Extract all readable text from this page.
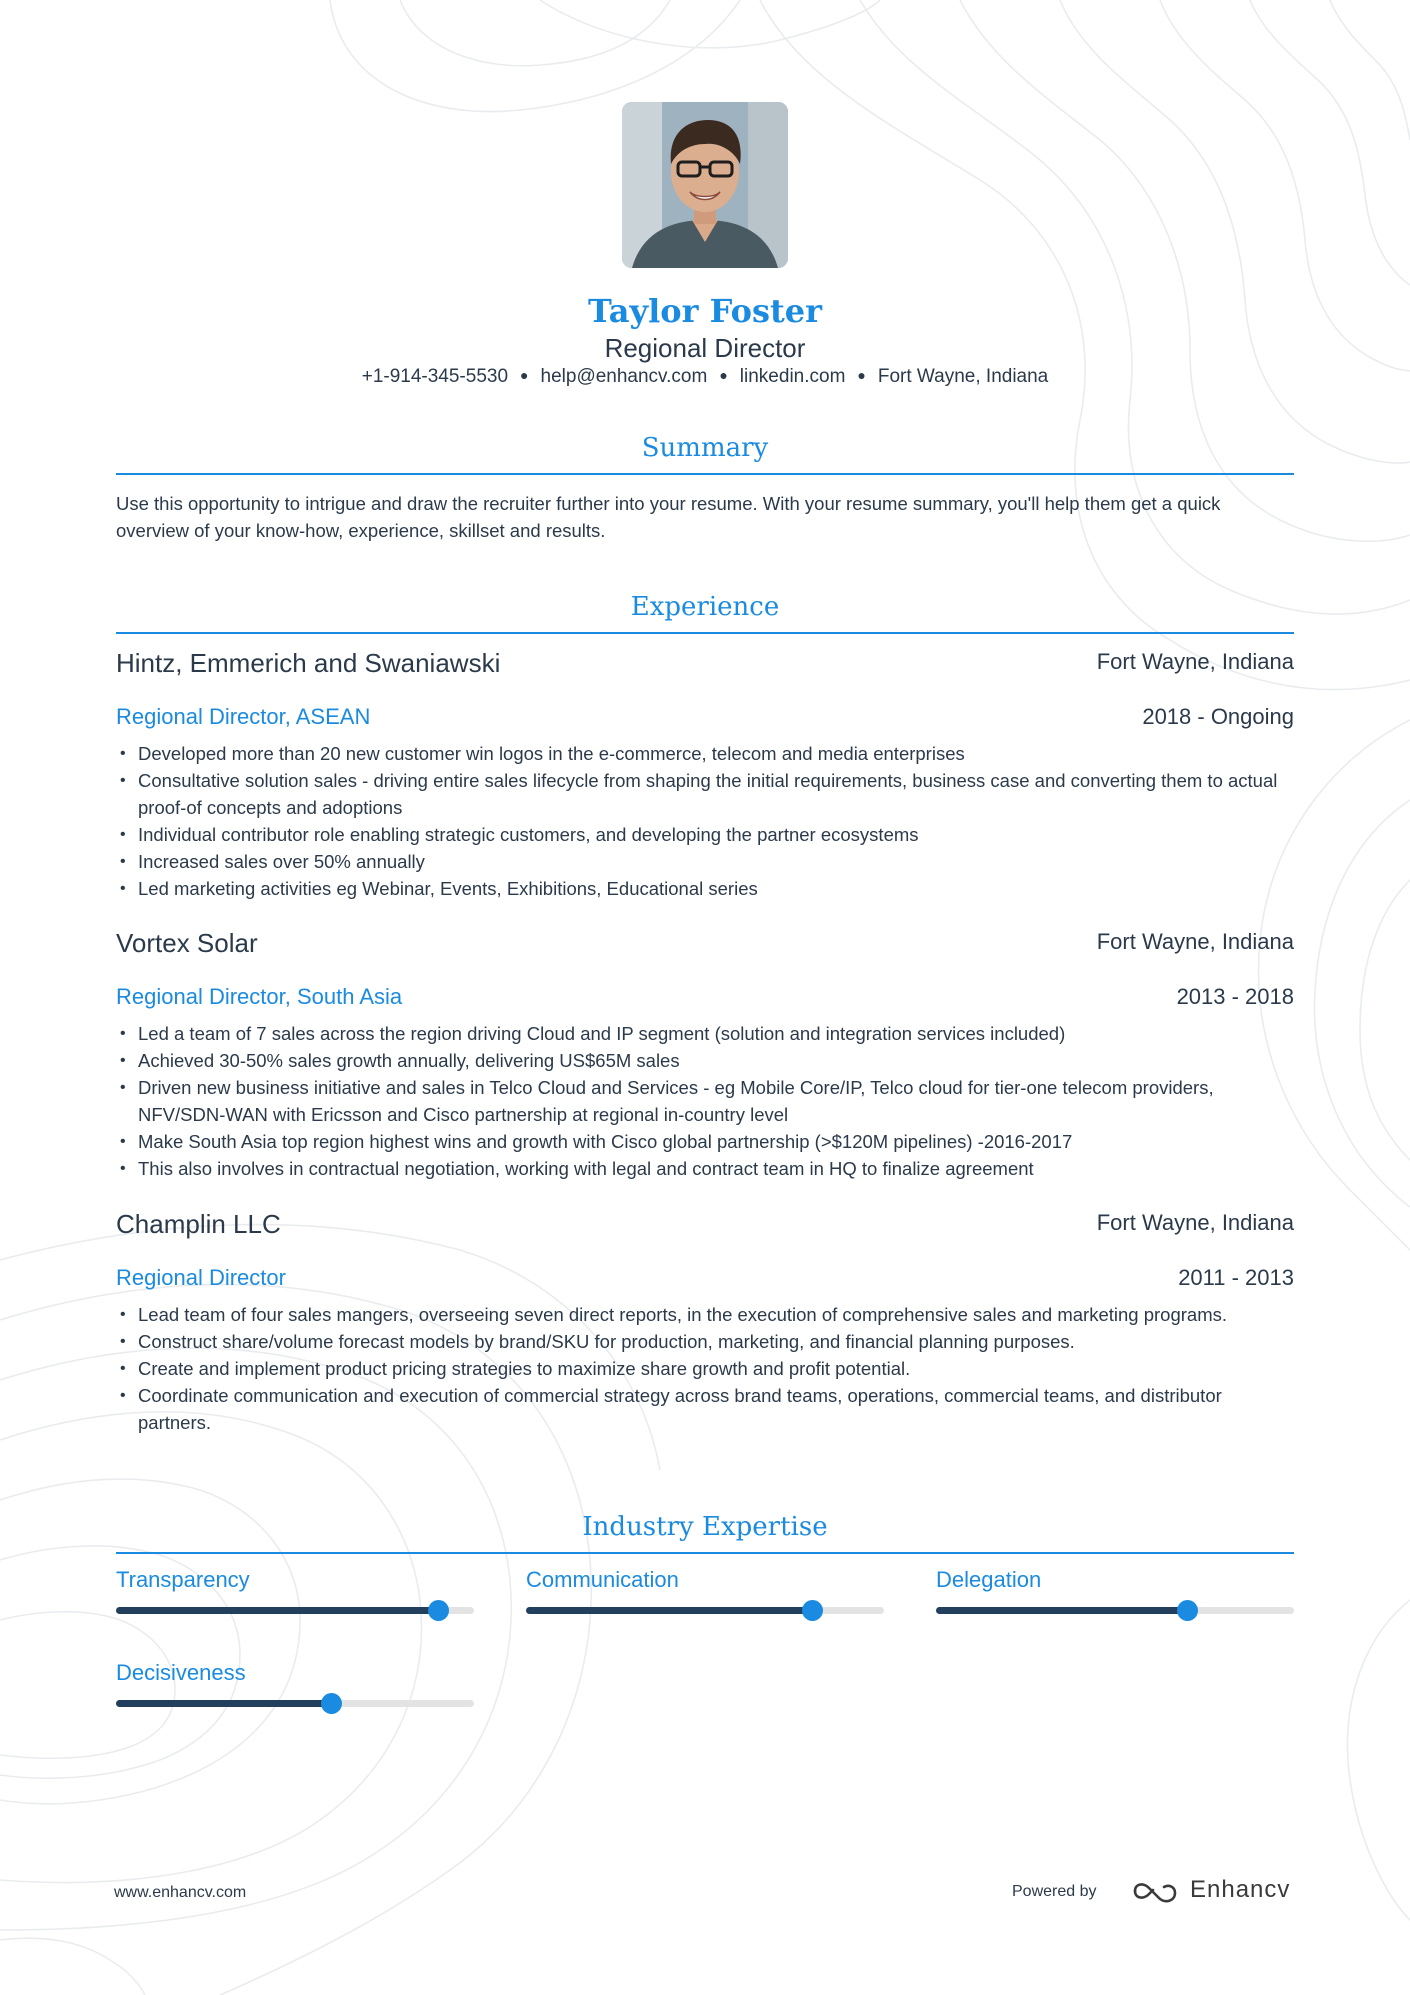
Taylor Foster
Regional Director
+1-914-345-5530 ● help@enhancv.com ● linkedin.com ● Fort Wayne, Indiana
Summary
Use this opportunity to intrigue and draw the recruiter further into your resume. With your resume summary, you'll help them get a quick overview of your know-how, experience, skillset and results.
Experience
Hintz, Emmerich and Swaniawski	Fort Wayne, Indiana
Regional Director, ASEAN	2018 - Ongoing
• Developed more than 20 new customer win logos in the e-commerce, telecom and media enterprises
• Consultative solution sales - driving entire sales lifecycle from shaping the initial requirements, business case and converting them to actual proof-of concepts and adoptions
• Individual contributor role enabling strategic customers, and developing the partner ecosystems
• Increased sales over 50% annually
• Led marketing activities eg Webinar, Events, Exhibitions, Educational series
Vortex Solar	Fort Wayne, Indiana
Regional Director, South Asia	2013 - 2018
• Led a team of 7 sales across the region driving Cloud and IP segment (solution and integration services included)
• Achieved 30-50% sales growth annually, delivering US$65M sales
• Driven new business initiative and sales in Telco Cloud and Services - eg Mobile Core/IP, Telco cloud for tier-one telecom providers, NFV/SDN-WAN with Ericsson and Cisco partnership at regional in-country level
• Make South Asia top region highest wins and growth with Cisco global partnership (>$120M pipelines) -2016-2017
• This also involves in contractual negotiation, working with legal and contract team in HQ to finalize agreement
Champlin LLC	Fort Wayne, Indiana
Regional Director	2011 - 2013
• Lead team of four sales mangers, overseeing seven direct reports, in the execution of comprehensive sales and marketing programs.
• Construct share/volume forecast models by brand/SKU for production, marketing, and financial planning purposes.
• Create and implement product pricing strategies to maximize share growth and profit potential.
• Coordinate communication and execution of commercial strategy across brand teams, operations, commercial teams, and distributor partners.
Industry Expertise
Transparency	Communication	Delegation
Decisiveness
www.enhancv.com	Powered by	Enhancv
